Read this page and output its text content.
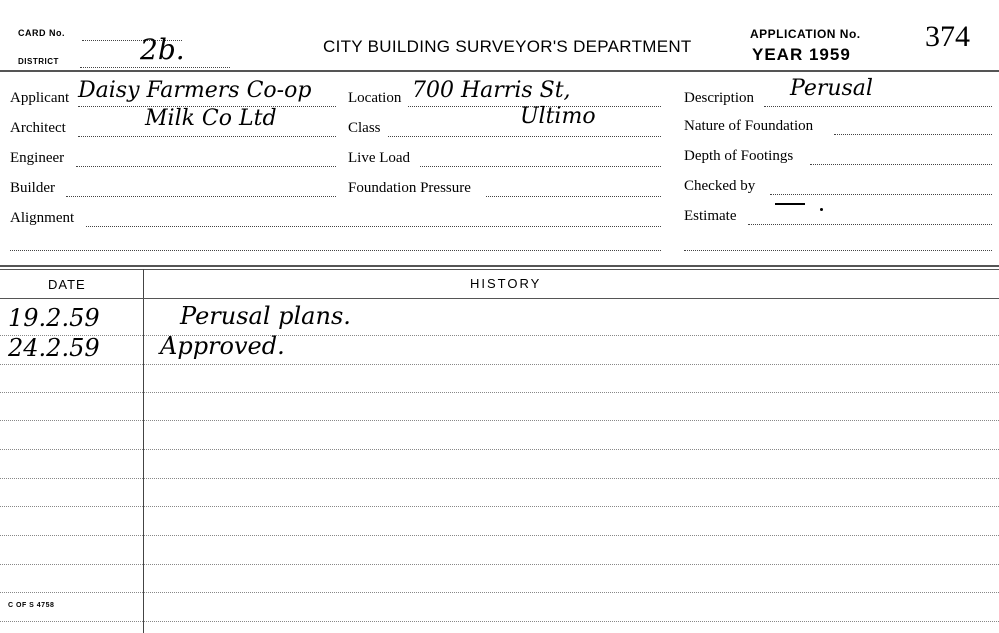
CARD No.
DISTRICT	2b.	CITY BUILDING SURVEYOR'S DEPARTMENT
APPLICATION No. 374
YEAR 1959
Applicant Daisy Farmers Co-op
Architect	Milk Co Ltd
Engineer
Builder
Alignment
Location 700 Harris St,
Class	Ultimo
Live Load
Foundation Pressure
Description Perusal
Nature of Foundation
Depth of Footings
Checked by
Estimate
DATE	HISTORY
19.2.59	Perusal plans.
24.2.59	Approved.
C OF S 4758
